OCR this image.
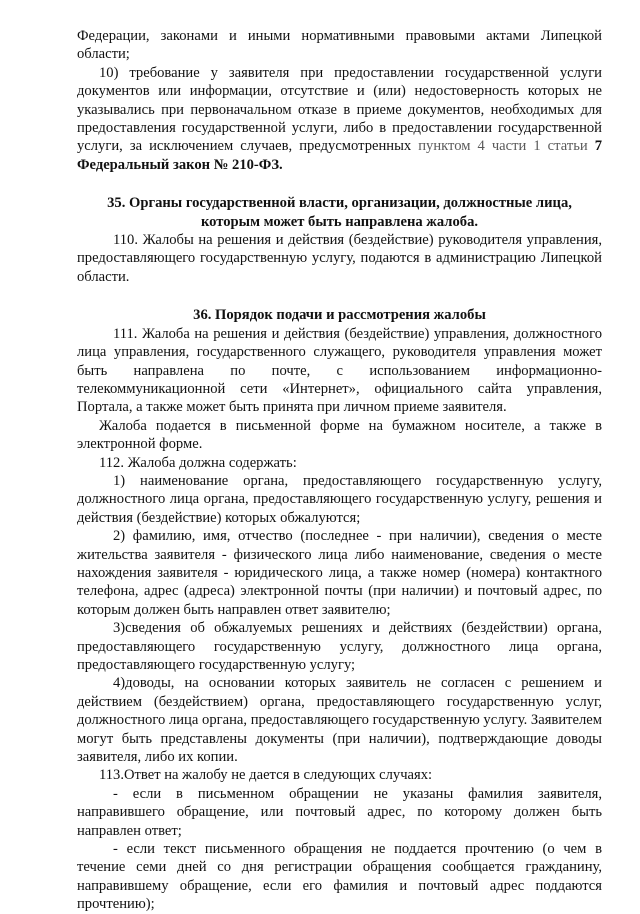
Федерации, законами и иными нормативными правовыми актами Липецкой области;

10) требование у заявителя при предоставлении государственной услуги документов или информации, отсутствие и (или) недостоверность которых не указывались при первоначальном отказе в приеме документов, необходимых для предоставления государственной услуги, либо в предоставлении государственной услуги, за исключением случаев, предусмотренных пунктом 4 части 1 статьи 7 Федеральный закон № 210-ФЗ.

35. Органы государственной власти, организации, должностные лица, которым может быть направлена жалоба.

110. Жалобы на решения и действия (бездействие) руководителя управления, предоставляющего государственную услугу, подаются в администрацию Липецкой области.

36. Порядок подачи и рассмотрения жалобы

111. Жалоба на решения и действия (бездействие) управления, должностного лица управления, государственного служащего, руководителя управления может быть направлена по почте, с использованием информационно-телекоммуникационной сети «Интернет», официального сайта управления, Портала, а также может быть принята при личном приеме заявителя.

Жалоба подается в письменной форме на бумажном носителе, а также в электронной форме.

112. Жалоба должна содержать:

1) наименование органа, предоставляющего государственную услугу, должностного лица органа, предоставляющего государственную услугу, решения и действия (бездействие) которых обжалуются;

2) фамилию, имя, отчество (последнее - при наличии), сведения о месте жительства заявителя - физического лица либо наименование, сведения о месте нахождения заявителя - юридического лица, а также номер (номера) контактного телефона, адрес (адреса) электронной почты (при наличии) и почтовый адрес, по которым должен быть направлен ответ заявителю;

3)сведения об обжалуемых решениях и действиях (бездействии) органа, предоставляющего государственную услугу, должностного лица органа, предоставляющего государственную услугу;

4)доводы, на основании которых заявитель не согласен с решением и действием (бездействием) органа, предоставляющего государственную услуг, должностного лица органа, предоставляющего государственную услугу. Заявителем могут быть представлены документы (при наличии), подтверждающие доводы заявителя, либо их копии.

113.Ответ на жалобу не дается в следующих случаях:

- если в письменном обращении не указаны фамилия заявителя, направившего обращение, или почтовый адрес, по которому должен быть направлен ответ;

- если текст письменного обращения не поддается прочтению (о чем в течение семи дней со дня регистрации обращения сообщается гражданину, направившему обращение, если его фамилия и почтовый адрес поддаются прочтению);
